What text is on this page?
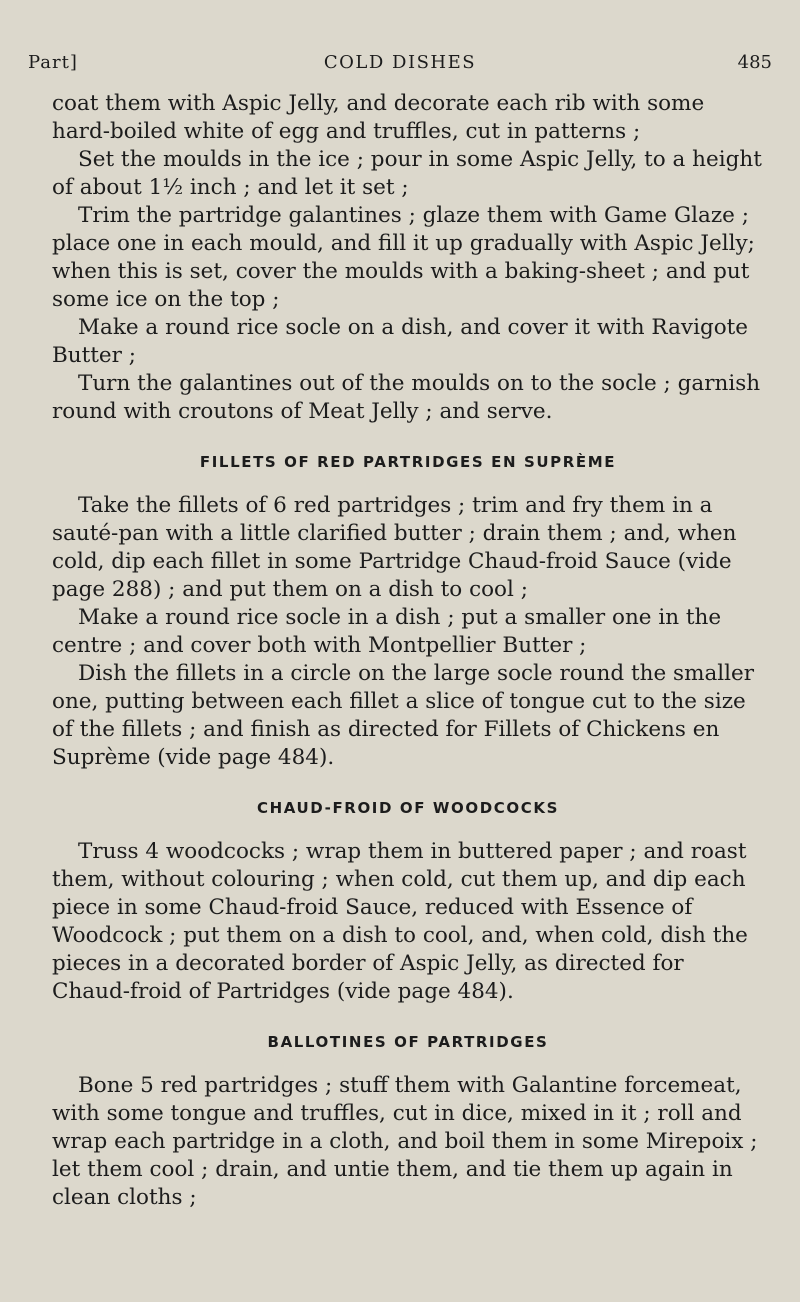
Part]	COLD DISHES	485

coat them with Aspic Jelly, and decorate each rib with some hard-boiled white of egg and truffles, cut in patterns ;

Set the moulds in the ice ; pour in some Aspic Jelly, to a height of about 1½ inch ; and let it set ;

Trim the partridge galantines ; glaze them with Game Glaze ; place one in each mould, and fill it up gradually with Aspic Jelly; when this is set, cover the moulds with a baking-sheet ; and put some ice on the top ;

Make a round rice socle on a dish, and cover it with Ravigote Butter ;

Turn the galantines out of the moulds on to the socle ; garnish round with croutons of Meat Jelly ; and serve.

FILLETS OF RED PARTRIDGES EN SUPRÈME

Take the fillets of 6 red partridges ; trim and fry them in a sauté-pan with a little clarified butter ; drain them ; and, when cold, dip each fillet in some Partridge Chaud-froid Sauce (vide page 288) ; and put them on a dish to cool ;

Make a round rice socle in a dish ; put a smaller one in the centre ; and cover both with Montpellier Butter ;

Dish the fillets in a circle on the large socle round the smaller one, putting between each fillet a slice of tongue cut to the size of the fillets ; and finish as directed for Fillets of Chickens en Suprème (vide page 484).

CHAUD-FROID OF WOODCOCKS

Truss 4 woodcocks ; wrap them in buttered paper ; and roast them, without colouring ; when cold, cut them up, and dip each piece in some Chaud-froid Sauce, reduced with Essence of Woodcock ; put them on a dish to cool, and, when cold, dish the pieces in a decorated border of Aspic Jelly, as directed for Chaud-froid of Partridges (vide page 484).

BALLOTINES OF PARTRIDGES

Bone 5 red partridges ; stuff them with Galantine forcemeat, with some tongue and truffles, cut in dice, mixed in it ; roll and wrap each partridge in a cloth, and boil them in some Mirepoix ; let them cool ; drain, and untie them, and tie them up again in clean cloths ;
